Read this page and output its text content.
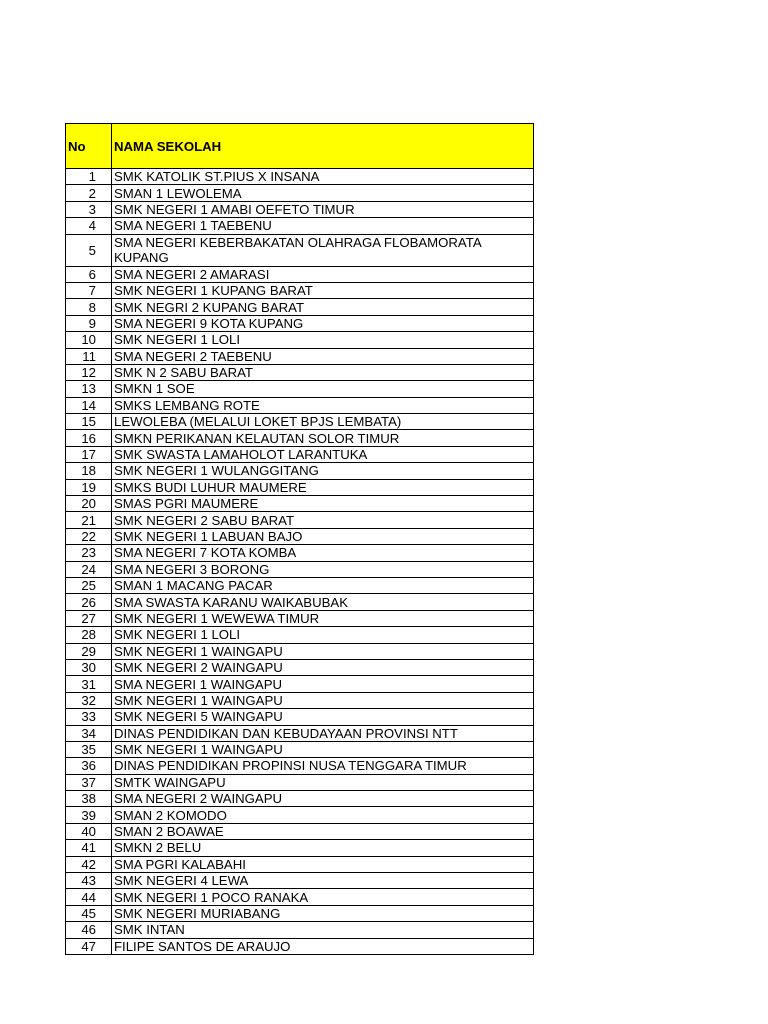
No	NAMA SEKOLAH
1	SMK KATOLIK ST.PIUS X INSANA
2	SMAN 1 LEWOLEMA
3	SMK NEGERI 1 AMABI OEFETO TIMUR
4	SMA NEGERI 1 TAEBENU
5	SMA NEGERI KEBERBAKATAN OLAHRAGA FLOBAMORATA KUPANG
6	SMA NEGERI 2 AMARASI
7	SMK NEGERI 1 KUPANG BARAT
8	SMK NEGRI 2 KUPANG BARAT
9	SMA NEGERI 9 KOTA KUPANG
10	SMK NEGERI 1 LOLI
11	SMA NEGERI 2 TAEBENU
12	SMK N 2 SABU BARAT
13	SMKN 1 SOE
14	SMKS LEMBANG ROTE
15	LEWOLEBA (MELALUI LOKET BPJS LEMBATA)
16	SMKN PERIKANAN KELAUTAN SOLOR TIMUR
17	SMK SWASTA LAMAHOLOT LARANTUKA
18	SMK NEGERI 1 WULANGGITANG
19	SMKS BUDI LUHUR MAUMERE
20	SMAS PGRI MAUMERE
21	SMK NEGERI 2 SABU BARAT
22	SMK NEGERI 1 LABUAN BAJO
23	SMA NEGERI 7 KOTA KOMBA
24	SMA NEGERI 3 BORONG
25	SMAN 1 MACANG PACAR
26	SMA SWASTA KARANU WAIKABUBAK
27	SMK NEGERI 1 WEWEWA TIMUR
28	SMK NEGERI 1 LOLI
29	SMK NEGERI 1 WAINGAPU
30	SMK NEGERI 2 WAINGAPU
31	SMA NEGERI 1 WAINGAPU
32	SMK NEGERI 1 WAINGAPU
33	SMK NEGERI 5 WAINGAPU
34	DINAS PENDIDIKAN DAN KEBUDAYAAN PROVINSI NTT
35	SMK NEGERI 1 WAINGAPU
36	DINAS PENDIDIKAN PROPINSI NUSA TENGGARA TIMUR
37	SMTK WAINGAPU
38	SMA NEGERI 2 WAINGAPU
39	SMAN 2 KOMODO
40	SMAN 2 BOAWAE
41	SMKN 2 BELU
42	SMA PGRI KALABAHI
43	SMK NEGERI 4 LEWA
44	SMK NEGERI 1 POCO RANAKA
45	SMK NEGERI MURIABANG
46	SMK INTAN
47	FILIPE SANTOS DE ARAUJO
